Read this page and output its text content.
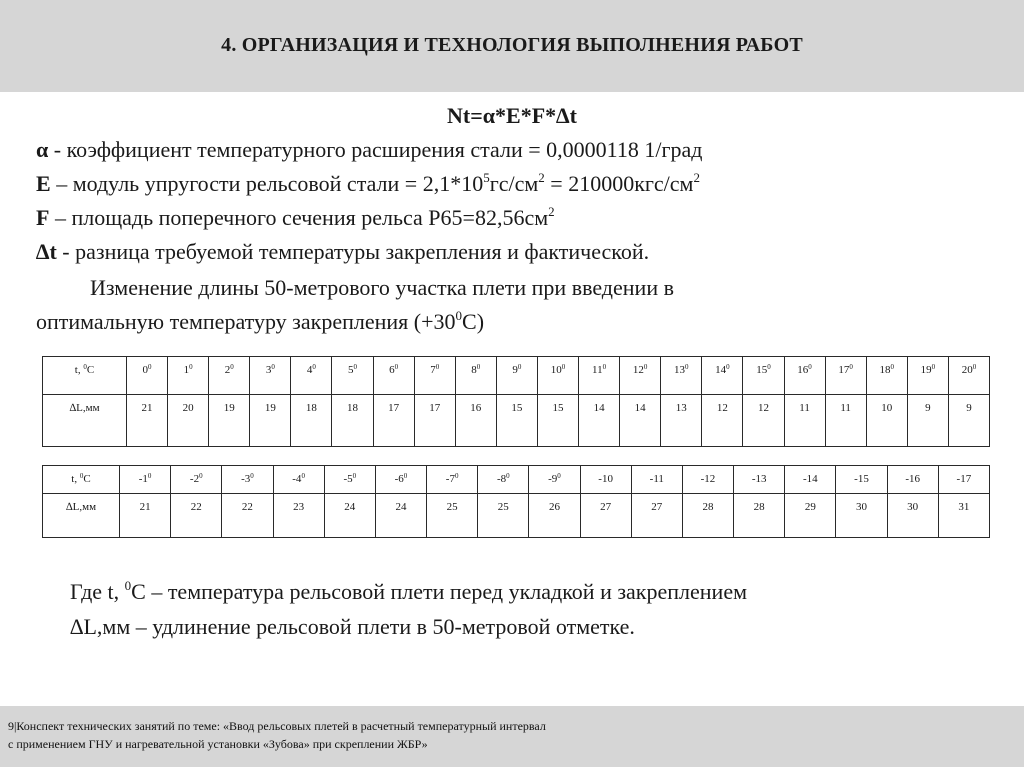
4. ОРГАНИЗАЦИЯ И ТЕХНОЛОГИЯ ВЫПОЛНЕНИЯ РАБОТ
Nt=α*E*F*∆t
α - коэффициент температурного расширения стали = 0,0000118 1/град
E – модуль упругости рельсовой стали = $2,1*10^5гс/см^2 = 210000кгс/см^2$
F – площадь поперечного сечения рельса $Р65=82,56см^2$
∆t - разница требуемой температуры закрепления и фактической.
Изменение длины 50-метрового участка плети при введении в
оптимальную температуру закрепления $(+30^0С)$
t, $^0$C	$0^0$	$1^0$	$2^0$	$3^0$	$4^0$	$5^0$	$6^0$	$7^0$	$8^0$	$9^0$	$10^0$	$11^0$	$12^0$	$13^0$	$14^0$	$15^0$	$16^0$	$17^0$	$18^0$	$19^0$	$20^0$
∆L,мм	21	20	19	19	18	18	17	17	16	15	15	14	14	13	12	12	11	11	10	9	9
t, $^0$C	$-1^0$	$-2^0$	$-3^0$	$-4^0$	$-5^0$	$-6^0$	$-7^0$	$-8^0$	$-9^0$	-10	-11	-12	-13	-14	-15	-16	-17
∆L,мм	21	22	22	23	24	24	25	25	26	27	27	28	28	29	30	30	31
Где t, $^0$С – температура рельсовой плети перед укладкой и закреплением
∆L,мм – удлинение рельсовой плети в 50-метровой отметке.
9|Конспект технических занятий по теме: «Ввод рельсовых плетей в расчетный температурный интервал
с применением ГНУ и нагревательной установки «Зубова» при скреплении ЖБР»
